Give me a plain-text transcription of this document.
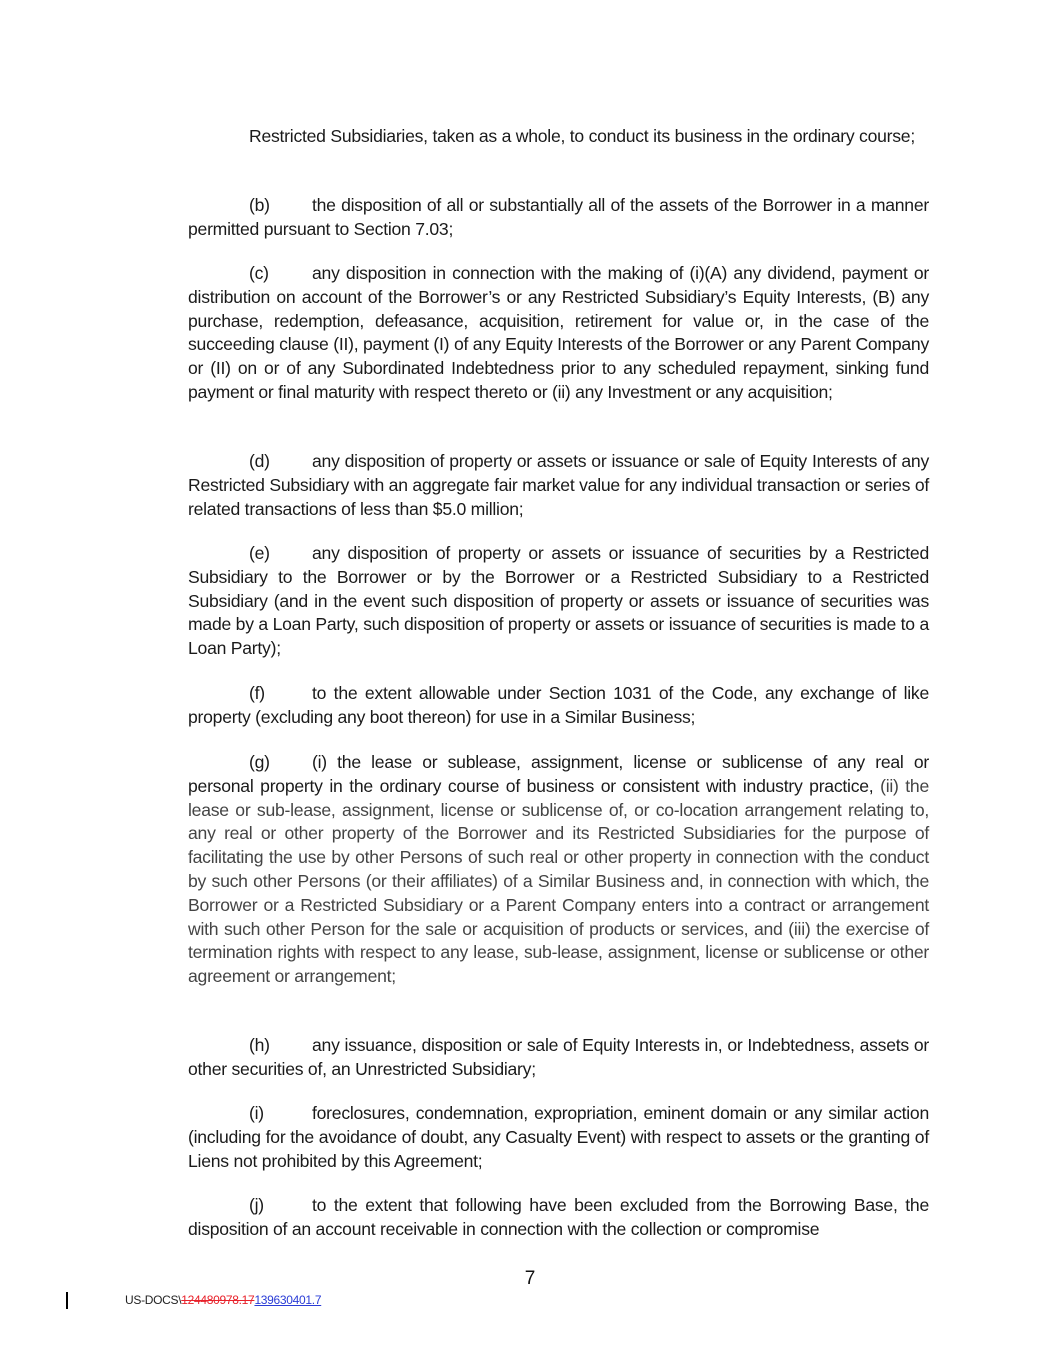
Restricted Subsidiaries, taken as a whole, to conduct its business in the ordinary course;

(b) the disposition of all or substantially all of the assets of the Borrower in a manner permitted pursuant to Section 7.03;

(c) any disposition in connection with the making of (i)(A) any dividend, payment or distribution on account of the Borrower’s or any Restricted Subsidiary’s Equity Interests, (B) any purchase, redemption, defeasance, acquisition, retirement for value or, in the case of the succeeding clause (II), payment (I) of any Equity Interests of the Borrower or any Parent Company or (II) on or of any Subordinated Indebtedness prior to any scheduled repayment, sinking fund payment or final maturity with respect thereto or (ii) any Investment or any acquisition;

(d) any disposition of property or assets or issuance or sale of Equity Interests of any Restricted Subsidiary with an aggregate fair market value for any individual transaction or series of related transactions of less than $5.0 million;

(e) any disposition of property or assets or issuance of securities by a Restricted Subsidiary to the Borrower or by the Borrower or a Restricted Subsidiary to a Restricted Subsidiary (and in the event such disposition of property or assets or issuance of securities was made by a Loan Party, such disposition of property or assets or issuance of securities is made to a Loan Party);

(f)	to the extent allowable under Section 1031 of the Code, any exchange of like property (excluding any boot thereon) for use in a Similar Business;

(g) (i) the lease or sublease, assignment, license or sublicense of any real or personal property in the ordinary course of business or consistent with industry practice, (ii) the lease or sub-lease, assignment, license or sublicense of, or co-location arrangement relating to, any real or other property of the Borrower and its Restricted Subsidiaries for the purpose of facilitating the use by other Persons of such real or other property in connection with the conduct by such other Persons (or their affiliates) of a Similar Business and, in connection with which, the Borrower or a Restricted Subsidiary or a Parent Company enters into a contract or arrangement with such other Person for the sale or acquisition of products or services, and (iii) the exercise of termination rights with respect to any lease, sub-lease, assignment, license or sublicense or other agreement or arrangement;

(h) any issuance, disposition or sale of Equity Interests in, or Indebtedness, assets or other securities of, an Unrestricted Subsidiary;

(i)	foreclosures, condemnation, expropriation, eminent domain or any similar action (including for the avoidance of doubt, any Casualty Event) with respect to assets or the granting of Liens not prohibited by this Agreement;

(j)	to the extent that following have been excluded from the Borrowing Base, the disposition of an account receivable in connection with the collection or compromise

7
US-DOCS\124480978.17139630401.7
